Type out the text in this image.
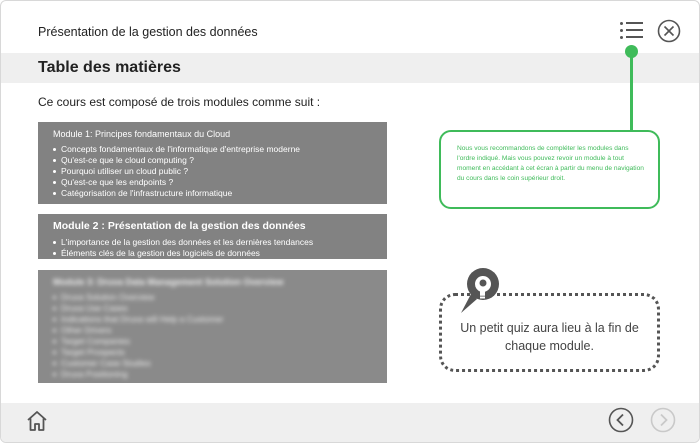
Présentation de la gestion des données
Table des matières
Ce cours est composé de trois modules comme suit :
Module 1: Principes fondamentaux du Cloud
Concepts fondamentaux de l'informatique d'entreprise moderne
Qu'est-ce que le cloud computing ?
Pourquoi utiliser un cloud public ?
Qu'est-ce que les endpoints ?
Catégorisation de l'infrastructure informatique
Module 2 : Présentation de la gestion des données
L'importance de la gestion des données et les dernières tendances
Éléments clés de la gestion des logiciels de données
Module 3: Druva Data Management Solution Overview
Druva Solution Overview
Druva Use Cases
Indications that Druva will Help a Customer
Other Drivers
Target Companies
Target Prospects
Customer Case Studies
Druva Positioning
Nous vous recommandons de compléter les modules dans l'ordre indiqué. Mais vous pouvez revoir un module à tout moment en accédant à cet écran à partir du menu de navigation du cours dans le coin supérieur droit.
Un petit quiz aura lieu à la fin de chaque module.
